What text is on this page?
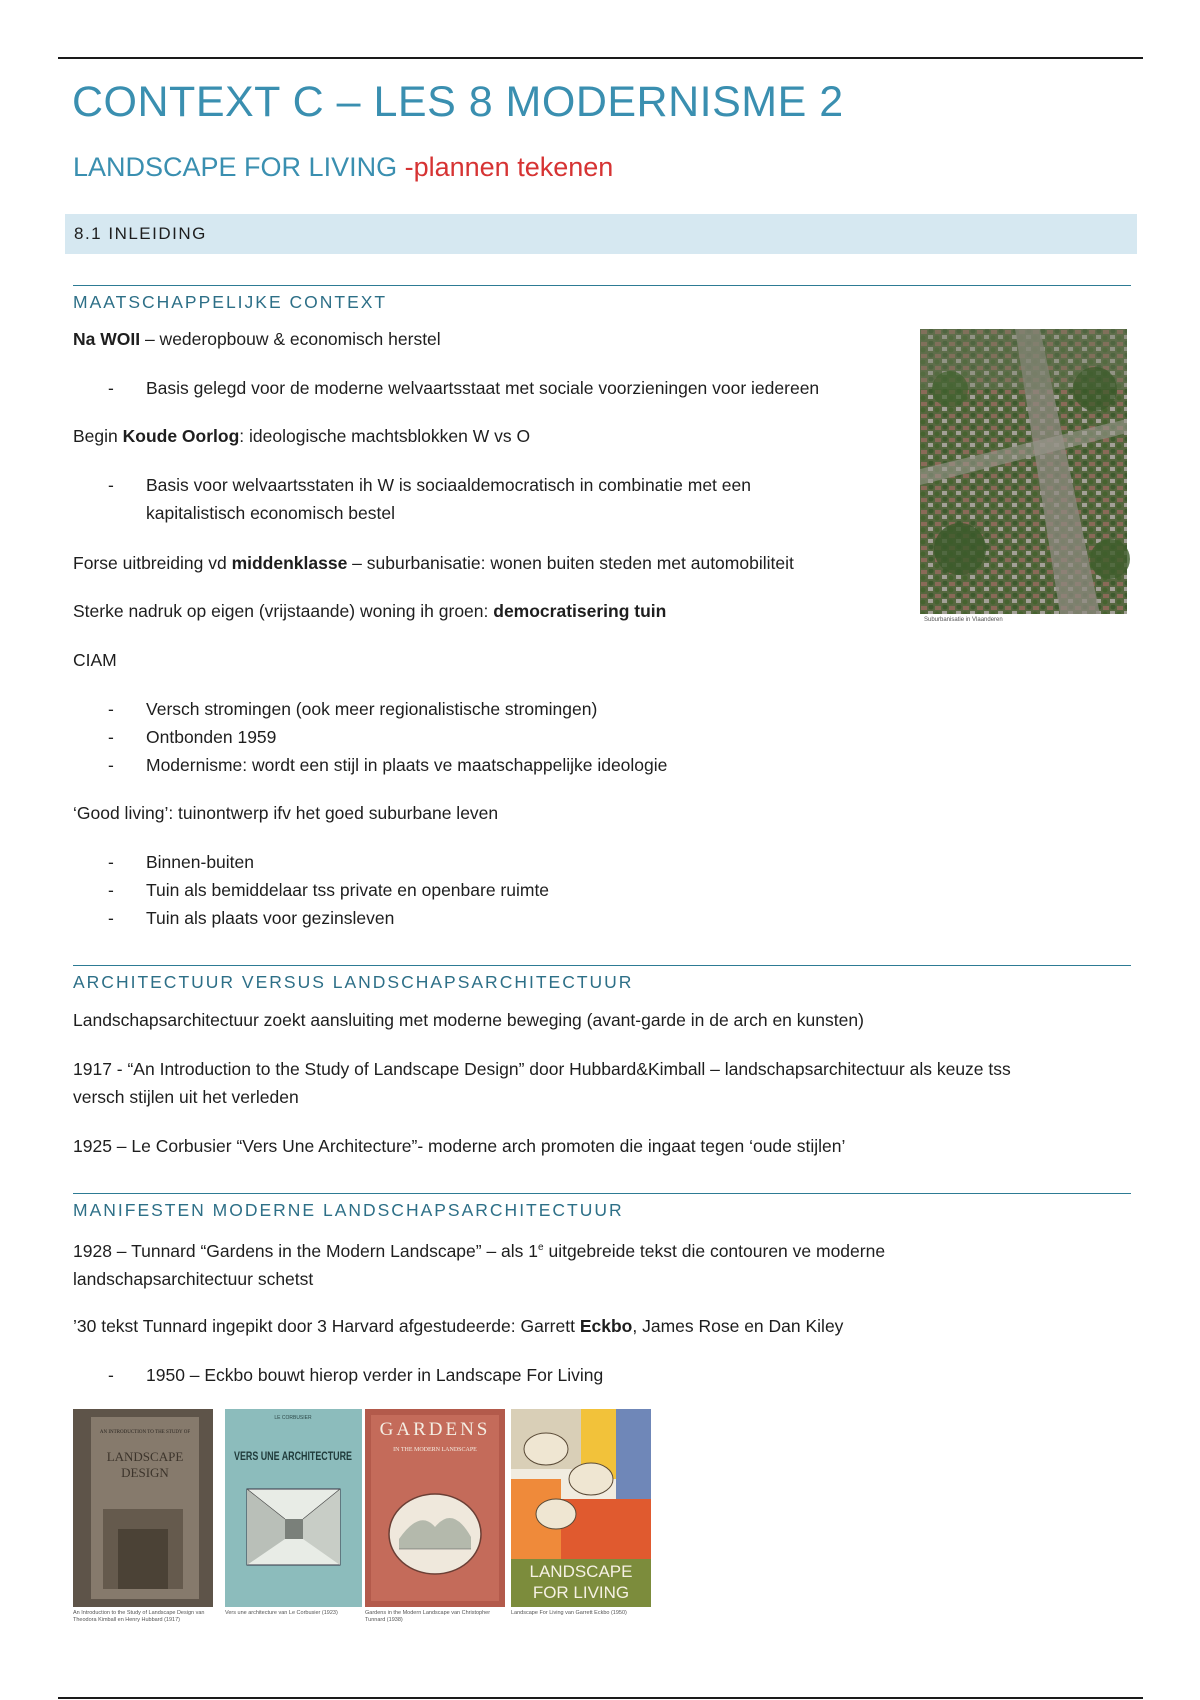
CONTEXT C – LES 8 MODERNISME 2

LANDSCAPE FOR LIVING -plannen tekenen

8.1 INLEIDING
MAATSCHAPPELIJKE CONTEXT

Na WOII – wederopbouw & economisch herstel

- Basis gelegd voor de moderne welvaartsstaat met sociale voorzieningen voor iedereen

Begin Koude Oorlog: ideologische machtsblokken W vs O

- Basis voor welvaartsstaten ih W is sociaaldemocratisch in combinatie met een
kapitalistisch economisch bestel

Forse uitbreiding vd middenklasse – suburbanisatie: wonen buiten steden met automobiliteit

Sterke nadruk op eigen (vrijstaande) woning ih groen: democratisering tuin

CIAM

- Versch stromingen (ook meer regionalistische stromingen)

- Ontbonden 1959

- Modernisme: wordt een stijl in plaats ve maatschappelijke ideologie

‘Good living’: tuinontwerp ifv het goed suburbane leven

- Binnen-buiten

- Tuin als bemiddelaar tss private en openbare ruimte

- Tuin als plaats voor gezinsleven

Suburbanisatie in Vlaanderen
ARCHITECTUUR VERSUS LANDSCHAPSARCHITECTUUR

Landschapsarchitectuur zoekt aansluiting met moderne beweging (avant-garde in de arch en kunsten)

1917 - “An Introduction to the Study of Landscape Design” door Hubbard&Kimball – landschapsarchitectuur als keuze tss
versch stijlen uit het verleden

1925 – Le Corbusier “Vers Une Architecture”- moderne arch promoten die ingaat tegen ‘oude stijlen’

MANIFESTEN MODERNE LANDSCHAPSARCHITECTUUR

1928 – Tunnard “Gardens in the Modern Landscape” – als 1e uitgebreide tekst die contouren ve moderne
landschapsarchitectuur schetst

’30 tekst Tunnard ingepikt door 3 Harvard afgestudeerde: Garrett Eckbo, James Rose en Dan Kiley

- 1950 – Eckbo bouwt hierop verder in Landscape For Living

AN INTRODUCTION TO THE STUDY OF
LANDSCAPE
DESIGN
An Introduction to the Study of Landscape Design van Theodora Kimball en Henry Hubbard (1917)
LE CORBUSIER
VERS UNE ARCHITECTURE
Vers une architecture van Le Corbusier (1923)
GARDENS
IN THE MODERN LANDSCAPE
Gardens in the Modern Landscape van Christopher Tunnard (1938)
LANDSCAPE
FOR LIVING
Landscape For Living van Garrett Eckbo (1950)
